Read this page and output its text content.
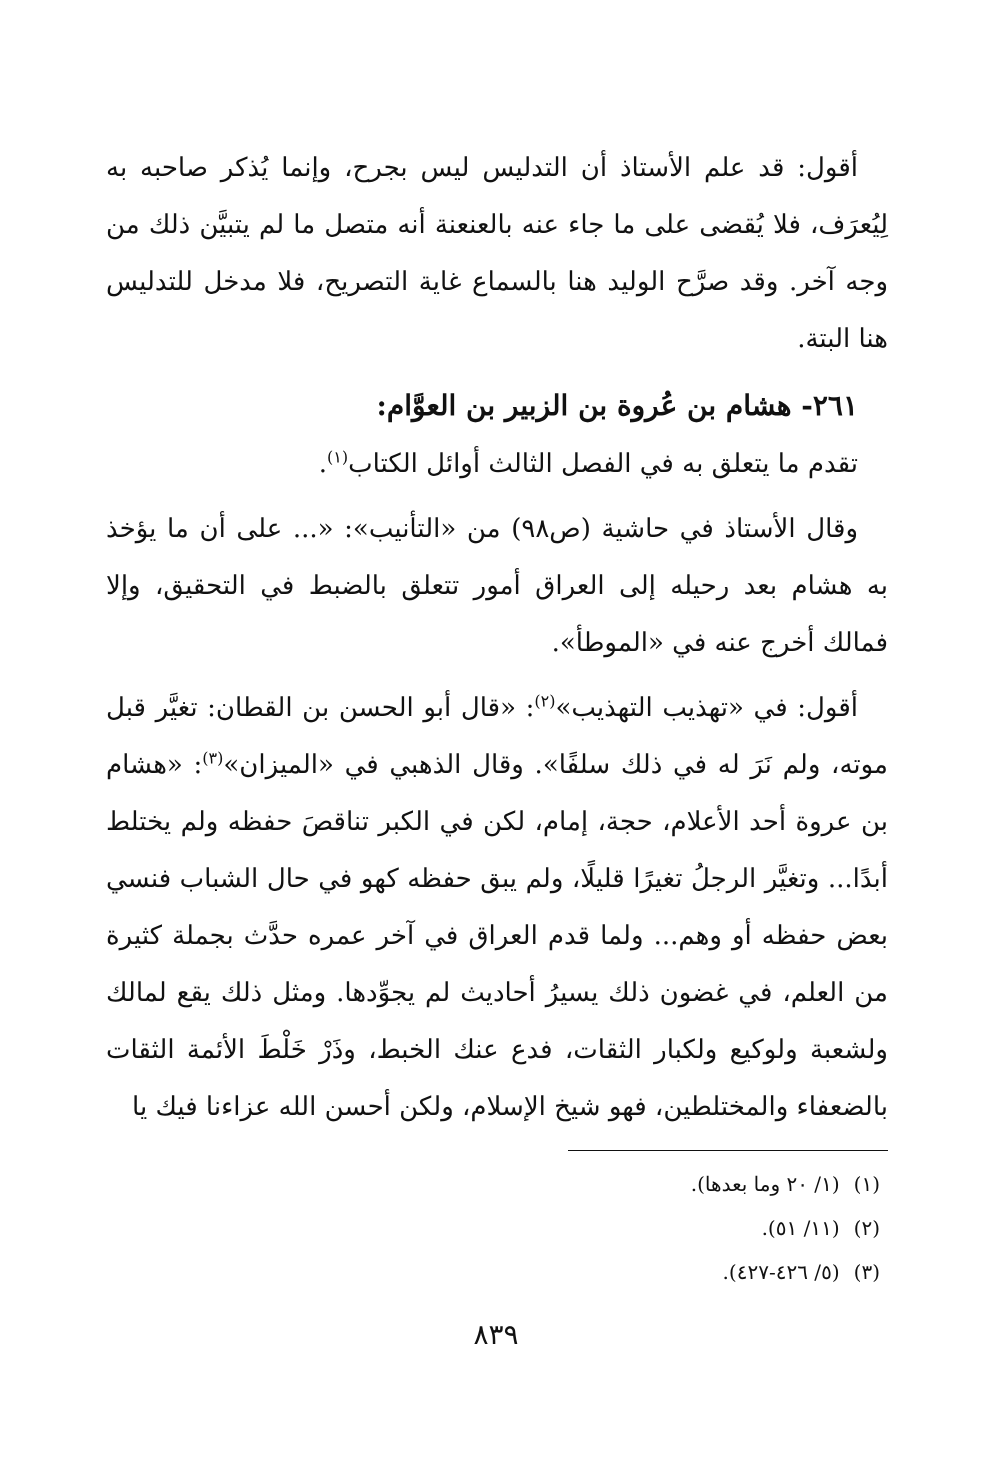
أقول: قد علم الأستاذ أن التدليس ليس بجرح، وإنما يُذكر صاحبه به لِيُعرَف، فلا يُقضى على ما جاء عنه بالعنعنة أنه متصل ما لم يتبيَّن ذلك من وجه آخر. وقد صرَّح الوليد هنا بالسماع غاية التصريح، فلا مدخل للتدليس هنا البتة.

٢٦١- هشام بن عُروة بن الزبير بن العوَّام:

تقدم ما يتعلق به في الفصل الثالث أوائل الكتاب$^{(١)}$.

وقال الأستاذ في حاشية (ص٩٨) من «التأنيب»: «... على أن ما يؤخذ به هشام بعد رحيله إلى العراق أمور تتعلق بالضبط في التحقيق، وإلا فمالك أخرج عنه في «الموطأ».

أقول: في «تهذيب التهذيب»$^{(٢)}$: «قال أبو الحسن بن القطان: تغيَّر قبل موته، ولم نَرَ له في ذلك سلفًا». وقال الذهبي في «الميزان»$^{(٣)}$: «هشام بن عروة أحد الأعلام، حجة، إمام، لكن في الكبر تناقصَ حفظه ولم يختلط أبدًا... وتغيَّر الرجلُ تغيرًا قليلًا، ولم يبق حفظه كهو في حال الشباب فنسي بعض حفظه أو وهم... ولما قدم العراق في آخر عمره حدَّث بجملة كثيرة من العلم، في غضون ذلك يسيرُ أحاديث لم يجوِّدها. ومثل ذلك يقع لمالك ولشعبة ولوكيع ولكبار الثقات، فدع عنك الخبط، وذَرْ خَلْطَ الأئمة الثقات بالضعفاء والمختلطين، فهو شيخ الإسلام، ولكن أحسن الله عزاءنا فيك يا

(١)(١/ ٢٠ وما بعدها).

(٢)(١١/ ٥١).

(٣)(٥/ ٤٢٦-٤٢٧).

٨٣٩
